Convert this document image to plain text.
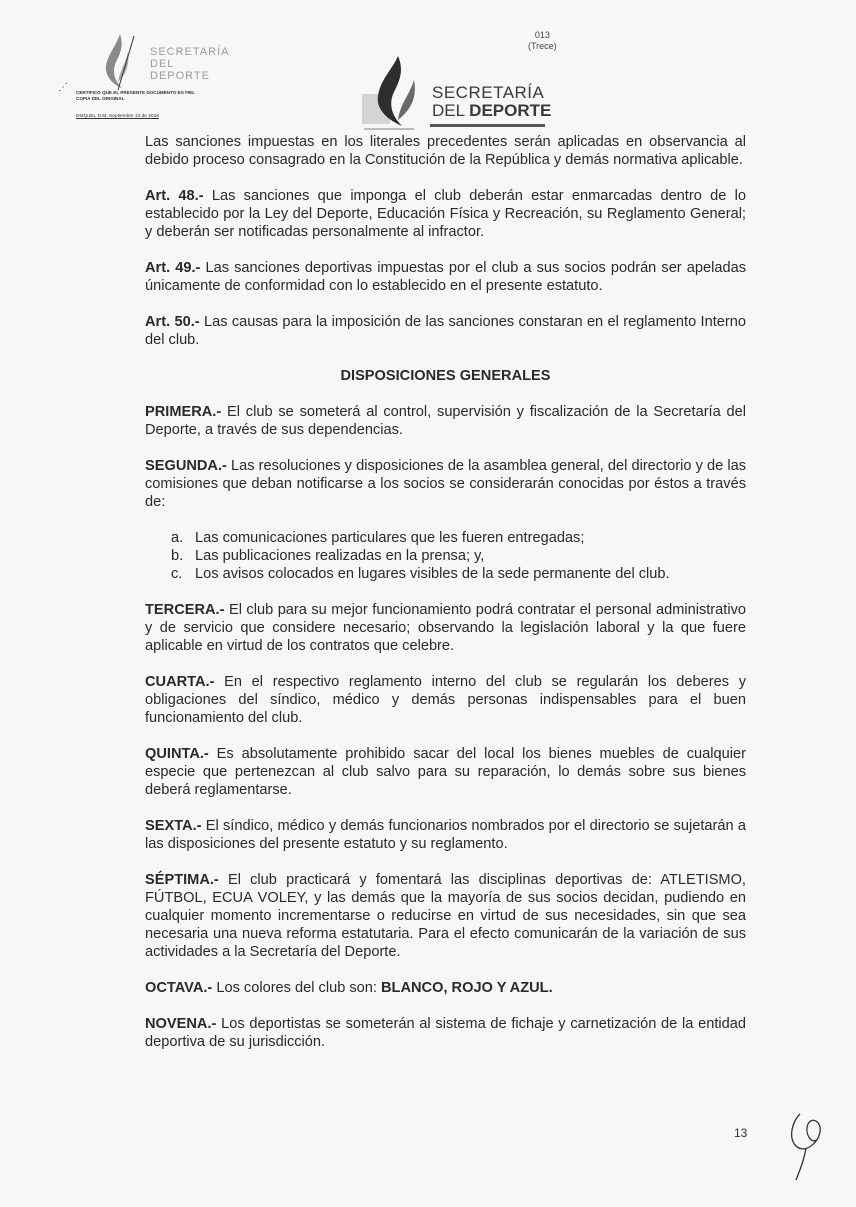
SECRETARÍA
DEL DEPORTE
⋰ CERTIFICO QUE EL PRESENTE DOCUMENTO ES FIEL COPIA DEL ORIGINAL
DMQuito, D.M. Septiembre 13 de 2018
013
(Trece)
SECRETARÍA
DEL DEPORTE

Las sanciones impuestas en los literales precedentes serán aplicadas en observancia al debido proceso consagrado en la Constitución de la República y demás normativa aplicable.

Art. 48.- Las sanciones que imponga el club deberán estar enmarcadas dentro de lo establecido por la Ley del Deporte, Educación Física y Recreación, su Reglamento General; y deberán ser notificadas personalmente al infractor.

Art. 49.- Las sanciones deportivas impuestas por el club a sus socios podrán ser apeladas únicamente de conformidad con lo establecido en el presente estatuto.

Art. 50.- Las causas para la imposición de las sanciones constaran en el reglamento Interno del club.

DISPOSICIONES GENERALES

PRIMERA.- El club se someterá al control, supervisión y fiscalización de la Secretaría del Deporte, a través de sus dependencias.

SEGUNDA.- Las resoluciones y disposiciones de la asamblea general, del directorio y de las comisiones que deban notificarse a los socios se considerarán conocidas por éstos a través de:

a. Las comunicaciones particulares que les fueren entregadas;
b. Las publicaciones realizadas en la prensa; y,
c. Los avisos colocados en lugares visibles de la sede permanente del club.

TERCERA.- El club para su mejor funcionamiento podrá contratar el personal administrativo y de servicio que considere necesario; observando la legislación laboral y la que fuere aplicable en virtud de los contratos que celebre.

CUARTA.- En el respectivo reglamento interno del club se regularán los deberes y obligaciones del síndico, médico y demás personas indispensables para el buen funcionamiento del club.

QUINTA.- Es absolutamente prohibido sacar del local los bienes muebles de cualquier especie que pertenezcan al club salvo para su reparación, lo demás sobre sus bienes deberá reglamentarse.

SEXTA.- El síndico, médico y demás funcionarios nombrados por el directorio se sujetarán a las disposiciones del presente estatuto y su reglamento.

SÉPTIMA.- El club practicará y fomentará las disciplinas deportivas de: ATLETISMO, FÚTBOL, ECUA VOLEY, y las demás que la mayoría de sus socios decidan, pudiendo en cualquier momento incrementarse o reducirse en virtud de sus necesidades, sin que sea necesaria una nueva reforma estatutaria. Para el efecto comunicarán de la variación de sus actividades a la Secretaría del Deporte.

OCTAVA.- Los colores del club son: BLANCO, ROJO Y AZUL.

NOVENA.- Los deportistas se someterán al sistema de fichaje y carnetización de la entidad deportiva de su jurisdicción.

13
